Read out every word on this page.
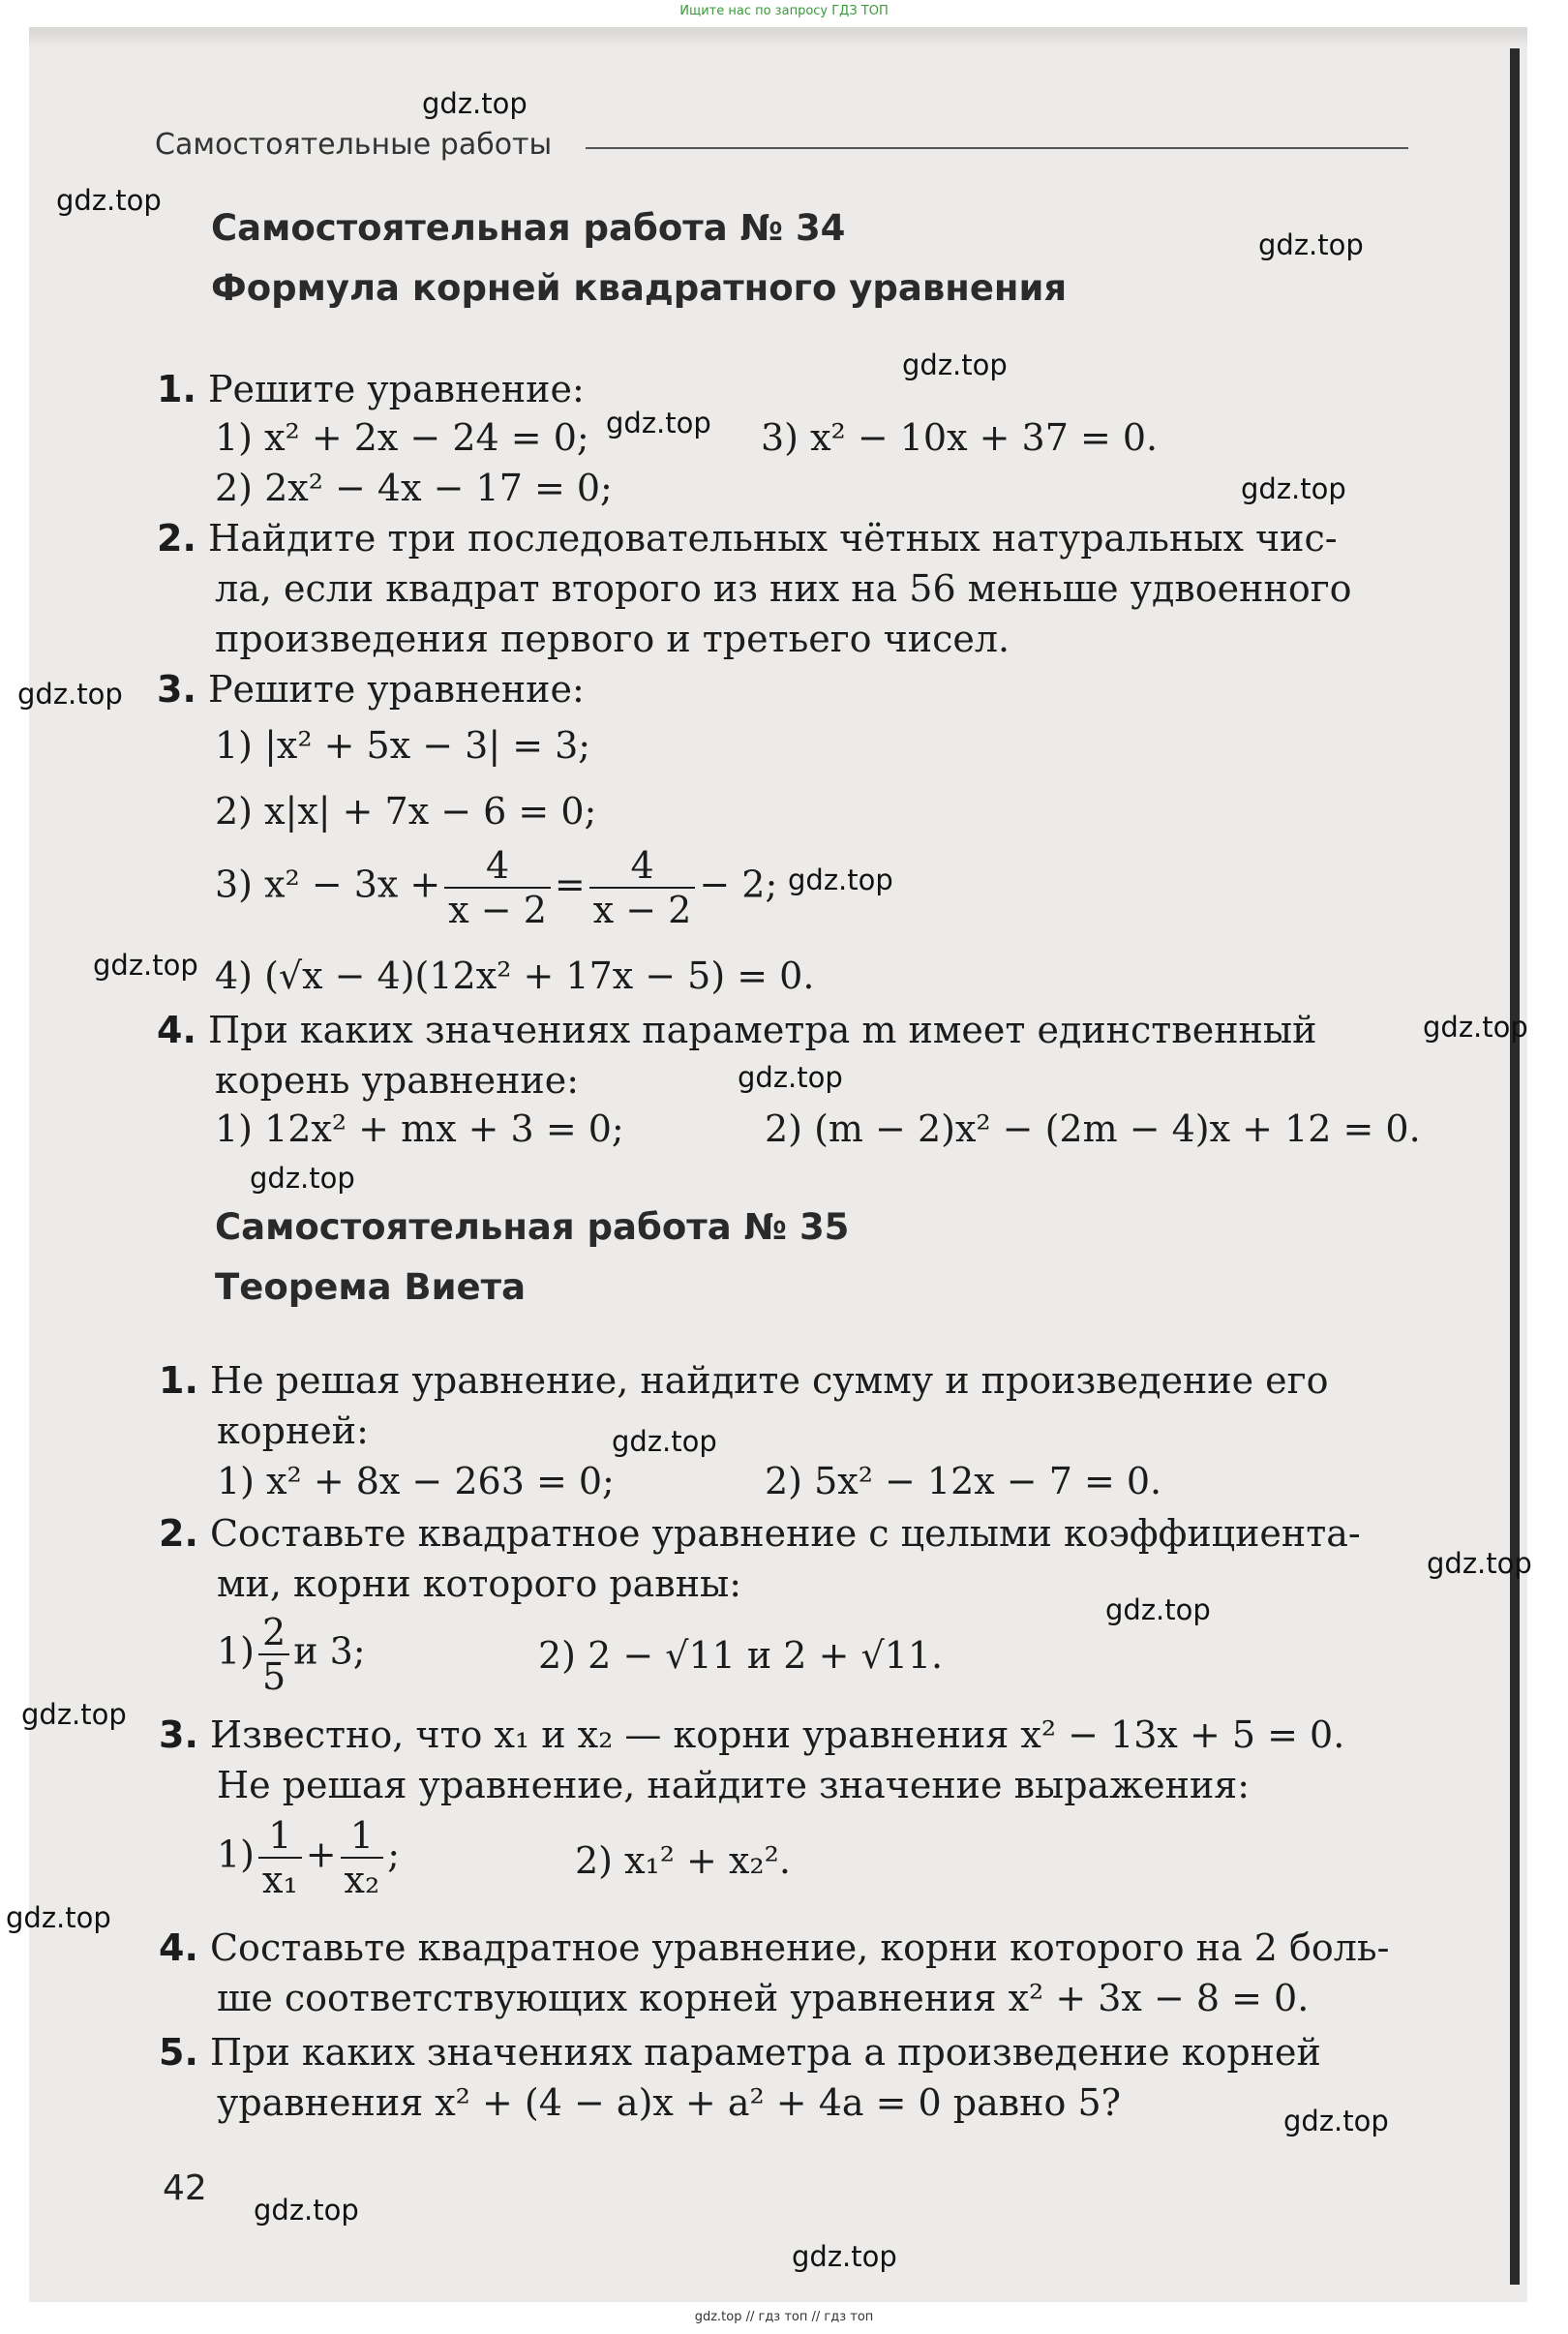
Ищите нас по запросу ГДЗ ТОП
Самостоятельные работы
Самостоятельная работа № 34
Формула корней квадратного уравнения
1. Решите уравнение:
1) x² + 2x − 24 = 0;	3) x² − 10x + 37 = 0.
2) 2x² − 4x − 17 = 0;
2. Найдите три последовательных чётных натуральных чис-
ла, если квадрат второго из них на 56 меньше удвоенного
произведения первого и третьего чисел.
3. Решите уравнение:
1) |x² + 5x − 3| = 3;
2) x|x| + 7x − 6 = 0;
3) $x^2 - 3x + \frac{4}{x - 2} = \frac{4}{x - 2} - 2$;
4) (√x − 4)(12x² + 17x − 5) = 0.
4. При каких значениях параметра m имеет единственный
корень уравнение:
1) 12x² + mx + 3 = 0;	2) (m − 2)x² − (2m − 4)x + 12 = 0.
Самостоятельная работа № 35
Теорема Виета
1. Не решая уравнение, найдите сумму и произведение его
корней:
1) x² + 8x − 263 = 0;	2) 5x² − 12x − 7 = 0.
2. Составьте квадратное уравнение с целыми коэффициента-
ми, корни которого равны:
$1) \frac{2}{5}$ и 3;	2) 2 − √11 и 2 + √11.
3. Известно, что x₁ и x₂ — корни уравнения x² − 13x + 5 = 0.
Не решая уравнение, найдите значение выражения:
$1) \frac{1}{\text{x₁}} + \frac{1}{\text{x₂}}$ ;	2) x₁² + x₂².
4. Составьте квадратное уравнение, корни которого на 2 боль-
ше соответствующих корней уравнения x² + 3x − 8 = 0.
5. При каких значениях параметра a произведение корней
уравнения x² + (4 − a)x + a² + 4a = 0 равно 5?
42
gdz.top
gdz.top
gdz.top
gdz.top
gdz.top
gdz.top
gdz.top
gdz.top
gdz.top
gdz.top
gdz.top
gdz.top
gdz.top
gdz.top
gdz.top
gdz.top
gdz.top
gdz.top
gdz.top
gdz.top
gdz.top // гдз топ // гдз топ
